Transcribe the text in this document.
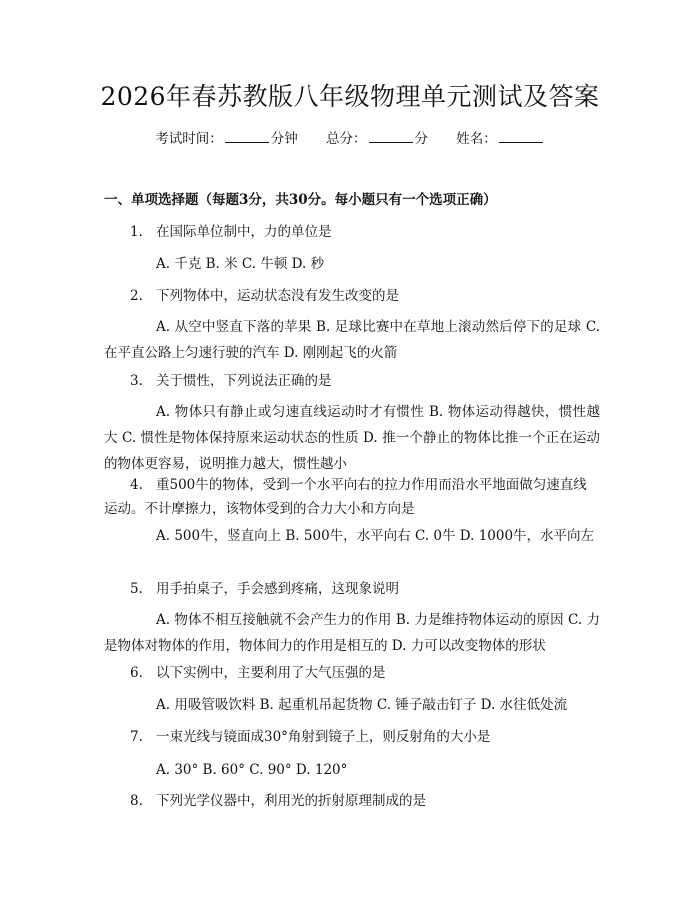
2026年春苏教版八年级物理单元测试及答案
考试时间：	分钟 总分：	分 姓名：
一、单项选择题（每题3分，共30分。每小题只有一个选项正确）
1. 在国际单位制中，力的单位是
A. 千克 B. 米 C. 牛顿 D. 秒
2. 下列物体中，运动状态没有发生改变的是
A. 从空中竖直下落的苹果 B. 足球比赛中在草地上滚动然后停下的足球 C. 在平直公路上匀速行驶的汽车 D. 刚刚起飞的火箭
3. 关于惯性，下列说法正确的是
A. 物体只有静止或匀速直线运动时才有惯性 B. 物体运动得越快，惯性越大 C. 惯性是物体保持原来运动状态的性质 D. 推一个静止的物体比推一个正在运动的物体更容易，说明推力越大，惯性越小
4. 重500牛的物体，受到一个水平向右的拉力作用而沿水平地面做匀速直线运动。不计摩擦力，该物体受到的合力大小和方向是
A. 500牛，竖直向上 B. 500牛，水平向右 C. 0牛 D. 1000牛，水平向左
5. 用手拍桌子，手会感到疼痛，这现象说明
A. 物体不相互接触就不会产生力的作用 B. 力是维持物体运动的原因 C. 力是物体对物体的作用，物体间力的作用是相互的 D. 力可以改变物体的形状
6. 以下实例中，主要利用了大气压强的是
A. 用吸管吸饮料 B. 起重机吊起货物 C. 锤子敲击钉子 D. 水往低处流
7. 一束光线与镜面成30°角射到镜子上，则反射角的大小是
A. 30° B. 60° C. 90° D. 120°
8. 下列光学仪器中，利用光的折射原理制成的是
